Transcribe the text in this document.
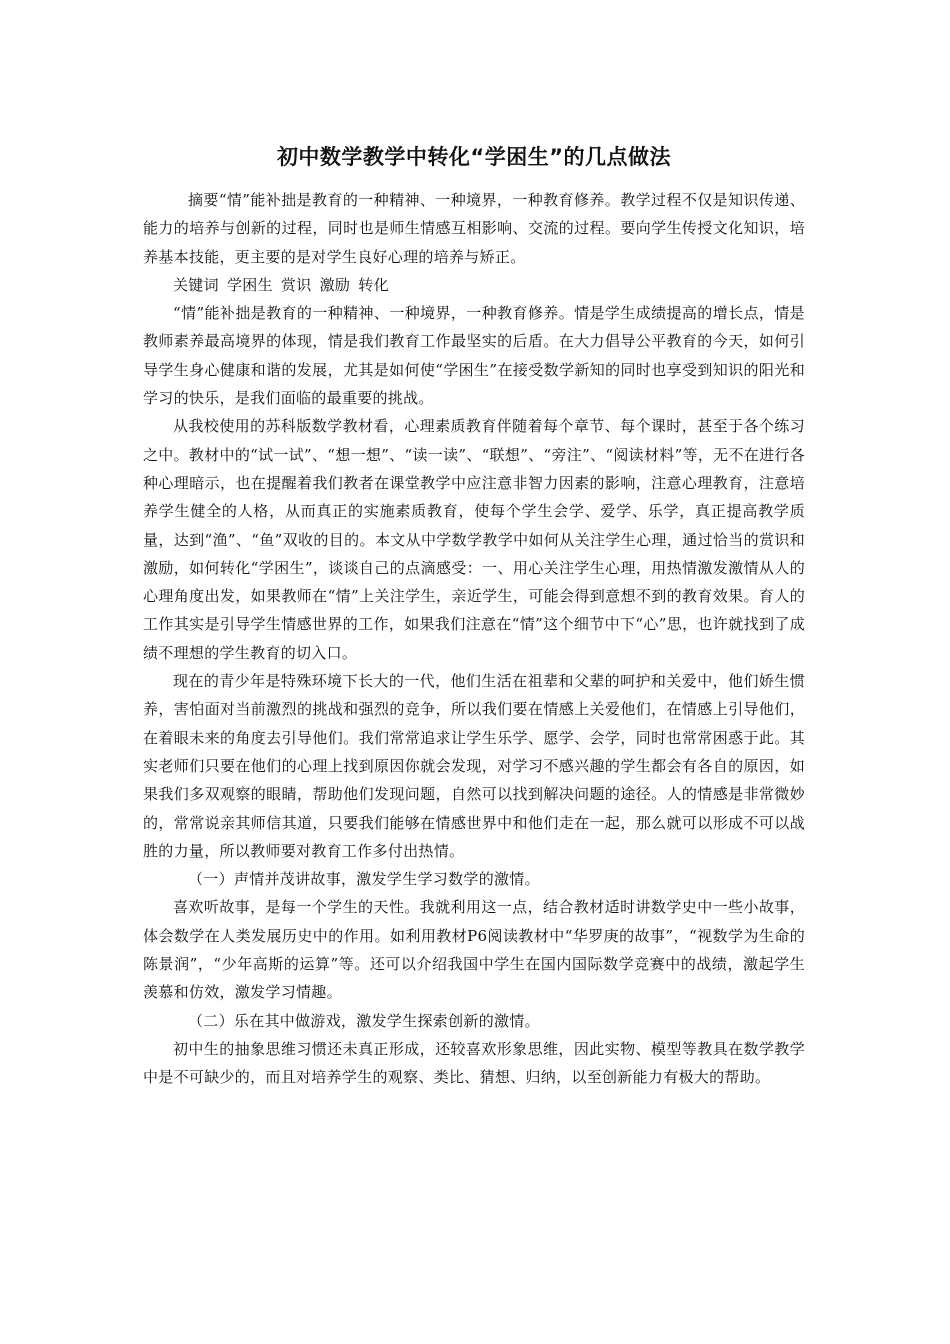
初中数学教学中转化“学困生”的几点做法

摘要“情”能补拙是教育的一种精神、一种境界，一种教育修养。教学过程不仅是知识传递、能力的培养与创新的过程，同时也是师生情感互相影响、交流的过程。要向学生传授文化知识，培养基本技能，更主要的是对学生良好心理的培养与矫正。

关键词 学困生 赏识 激励 转化

“情”能补拙是教育的一种精神、一种境界，一种教育修养。情是学生成绩提高的增长点，情是教师素养最高境界的体现，情是我们教育工作最坚实的后盾。在大力倡导公平教育的今天，如何引导学生身心健康和谐的发展，尤其是如何使“学困生”在接受数学新知的同时也享受到知识的阳光和学习的快乐，是我们面临的最重要的挑战。

从我校使用的苏科版数学教材看，心理素质教育伴随着每个章节、每个课时，甚至于各个练习之中。教材中的“试一试”、“想一想”、“读一读”、“联想”、“旁注”、“阅读材料”等，无不在进行各种心理暗示，也在提醒着我们教者在课堂教学中应注意非智力因素的影响，注意心理教育，注意培养学生健全的人格，从而真正的实施素质教育，使每个学生会学、爱学、乐学，真正提高教学质量，达到“渔”、“鱼”双收的目的。本文从中学数学教学中如何从关注学生心理，通过恰当的赏识和激励，如何转化“学困生”，谈谈自己的点滴感受：一、用心关注学生心理，用热情激发激情从人的心理角度出发，如果教师在“情”上关注学生，亲近学生，可能会得到意想不到的教育效果。育人的工作其实是引导学生情感世界的工作，如果我们注意在“情”这个细节中下“心”思，也许就找到了成绩不理想的学生教育的切入口。

现在的青少年是特殊环境下长大的一代，他们生活在祖辈和父辈的呵护和关爱中，他们娇生惯养，害怕面对当前激烈的挑战和强烈的竞争，所以我们要在情感上关爱他们，在情感上引导他们，在着眼未来的角度去引导他们。我们常常追求让学生乐学、愿学、会学，同时也常常困惑于此。其实老师们只要在他们的心理上找到原因你就会发现，对学习不感兴趣的学生都会有各自的原因，如果我们多双观察的眼睛，帮助他们发现问题，自然可以找到解决问题的途径。人的情感是非常微妙的，常常说亲其师信其道，只要我们能够在情感世界中和他们走在一起，那么就可以形成不可以战胜的力量，所以教师要对教育工作多付出热情。

（一）声情并茂讲故事，激发学生学习数学的激情。

喜欢听故事，是每一个学生的天性。我就利用这一点，结合教材适时讲数学史中一些小故事，体会数学在人类发展历史中的作用。如利用教材P6阅读教材中“华罗庚的故事”，“视数学为生命的陈景润”，“少年高斯的运算”等。还可以介绍我国中学生在国内国际数学竞赛中的战绩，激起学生羡慕和仿效，激发学习情趣。

（二）乐在其中做游戏，激发学生探索创新的激情。

初中生的抽象思维习惯还未真正形成，还较喜欢形象思维，因此实物、模型等教具在数学教学中是不可缺少的，而且对培养学生的观察、类比、猜想、归纳，以至创新能力有极大的帮助。
